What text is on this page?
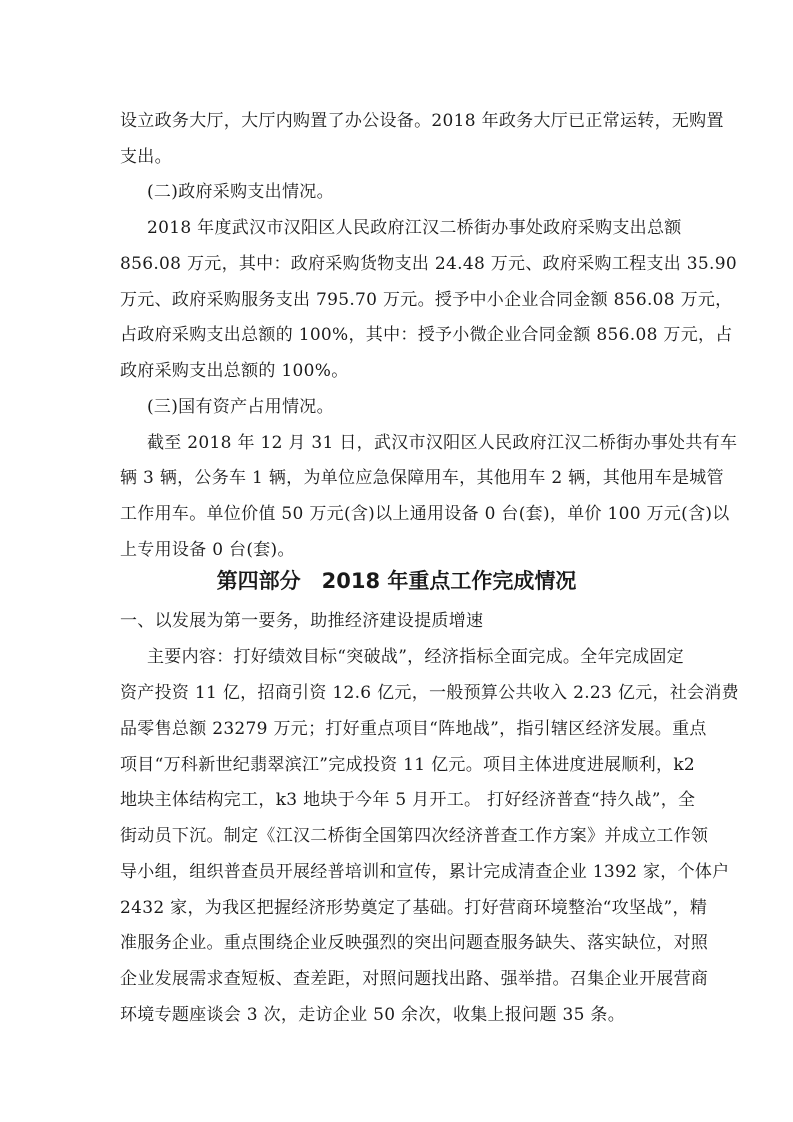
设立政务大厅，大厅内购置了办公设备。2018 年政务大厅已正常运转，无购置

支出。

(二)政府采购支出情况。

2018 年度武汉市汉阳区人民政府江汉二桥街办事处政府采购支出总额

856.08 万元，其中：政府采购货物支出 24.48 万元、政府采购工程支出 35.90

万元、政府采购服务支出 795.70 万元。授予中小企业合同金额 856.08 万元，

占政府采购支出总额的 100%，其中：授予小微企业合同金额 856.08 万元，占

政府采购支出总额的 100%。

(三)国有资产占用情况。

截至 2018 年 12 月 31 日，武汉市汉阳区人民政府江汉二桥街办事处共有车

辆 3 辆，公务车 1 辆，为单位应急保障用车，其他用车 2 辆，其他用车是城管

工作用车。单位价值 50 万元(含)以上通用设备 0 台(套)，单价 100 万元(含)以

上专用设备 0 台(套)。

第四部分　2018 年重点工作完成情况

一、以发展为第一要务，助推经济建设提质增速

主要内容：打好绩效目标“突破战”，经济指标全面完成。全年完成固定

资产投资 11 亿，招商引资 12.6 亿元，一般预算公共收入 2.23 亿元，社会消费

品零售总额 23279 万元；打好重点项目“阵地战”，指引辖区经济发展。重点

项目“万科新世纪翡翠滨江”完成投资 11 亿元。项目主体进度进展顺利，k2

地块主体结构完工，k3 地块于今年 5 月开工。 打好经济普查“持久战”，全

街动员下沉。制定《江汉二桥街全国第四次经济普查工作方案》并成立工作领

导小组，组织普查员开展经普培训和宣传，累计完成清查企业 1392 家，个体户

2432 家，为我区把握经济形势奠定了基础。打好营商环境整治“攻坚战”，精

准服务企业。重点围绕企业反映强烈的突出问题查服务缺失、落实缺位，对照

企业发展需求查短板、查差距，对照问题找出路、强举措。召集企业开展营商

环境专题座谈会 3 次，走访企业 50 余次，收集上报问题 35 条。
